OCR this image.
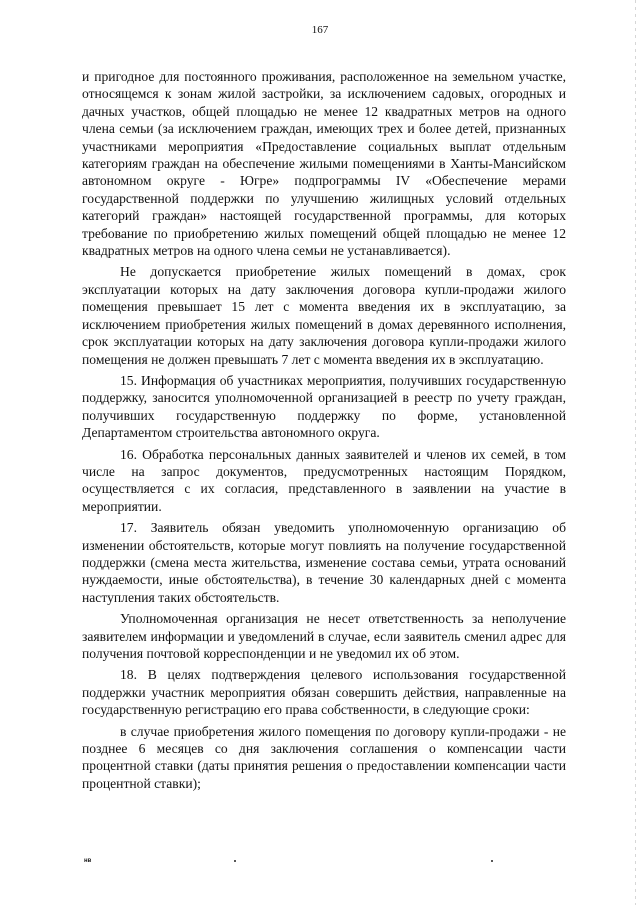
167

и пригодное для постоянного проживания, расположенное на земельном участке, относящемся к зонам жилой застройки, за исключением садовых, огородных и дачных участков, общей площадью не менее 12 квадратных метров на одного члена семьи (за исключением граждан, имеющих трех и более детей, признанных участниками мероприятия «Предоставление социальных выплат отдельным категориям граждан на обеспечение жилыми помещениями в Ханты-Мансийском автономном округе - Югре» подпрограммы IV «Обеспечение мерами государственной поддержки по улучшению жилищных условий отдельных категорий граждан» настоящей государственной программы, для которых требование по приобретению жилых помещений общей площадью не менее 12 квадратных метров на одного члена семьи не устанавливается).

Не допускается приобретение жилых помещений в домах, срок эксплуатации которых на дату заключения договора купли-продажи жилого помещения превышает 15 лет с момента введения их в эксплуатацию, за исключением приобретения жилых помещений в домах деревянного исполнения, срок эксплуатации которых на дату заключения договора купли-продажи жилого помещения не должен превышать 7 лет с момента введения их в эксплуатацию.

15. Информация об участниках мероприятия, получивших государственную поддержку, заносится уполномоченной организацией в реестр по учету граждан, получивших государственную поддержку по форме, установленной Департаментом строительства автономного округа.

16. Обработка персональных данных заявителей и членов их семей, в том числе на запрос документов, предусмотренных настоящим Порядком, осуществляется с их согласия, представленного в заявлении на участие в мероприятии.

17. Заявитель обязан уведомить уполномоченную организацию об изменении обстоятельств, которые могут повлиять на получение государственной поддержки (смена места жительства, изменение состава семьи, утрата оснований нуждаемости, иные обстоятельства), в течение 30 календарных дней с момента наступления таких обстоятельств.

Уполномоченная организация не несет ответственность за неполучение заявителем информации и уведомлений в случае, если заявитель сменил адрес для получения почтовой корреспонденции и не уведомил их об этом.

18. В целях подтверждения целевого использования государственной поддержки участник мероприятия обязан совершить действия, направленные на государственную регистрацию его права собственности, в следующие сроки:

в случае приобретения жилого помещения по договору купли-продажи - не позднее 6 месяцев со дня заключения соглашения о компенсации части процентной ставки (даты принятия решения о предоставлении компенсации части процентной ставки);

нв
